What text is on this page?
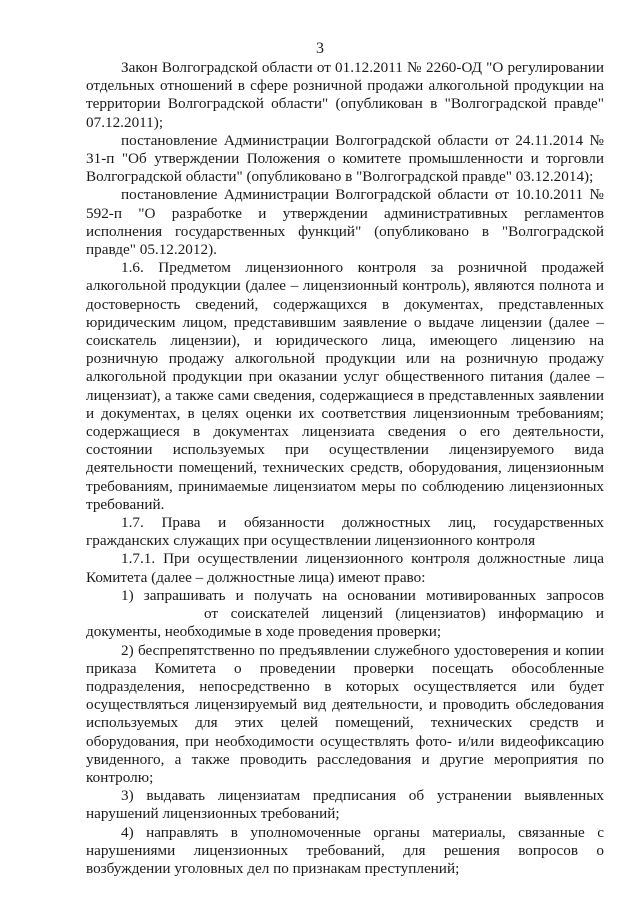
3

Закон Волгоградской области от 01.12.2011 № 2260-ОД "О регулировании отдельных отношений в сфере розничной продажи алкогольной продукции на территории Волгоградской области" (опубликован в "Волгоградской правде" 07.12.2011);

постановление Администрации Волгоградской области от 24.11.2014 № 31-п "Об утверждении Положения о комитете промышленности и торговли Волгоградской области" (опубликовано в "Волгоградской правде" 03.12.2014);

постановление Администрации Волгоградской области от 10.10.2011 № 592-п "О разработке и утверждении административных регламентов исполнения государственных функций" (опубликовано в "Волгоградской правде" 05.12.2012).

1.6. Предметом лицензионного контроля за розничной продажей алкогольной продукции (далее – лицензионный контроль), являются полнота и достоверность сведений, содержащихся в документах, представленных юридическим лицом, представившим заявление о выдаче лицензии (далее – соискатель лицензии), и юридического лица, имеющего лицензию на розничную продажу алкогольной продукции или на розничную продажу алкогольной продукции при оказании услуг общественного питания (далее – лицензиат), а также сами сведения, содержащиеся в представленных заявлении и документах, в целях оценки их соответствия лицензионным требованиям; содержащиеся в документах лицензиата сведения о его деятельности, состоянии используемых при осуществлении лицензируемого вида деятельности помещений, технических средств, оборудования, лицензионным требованиям, принимаемые лицензиатом меры по соблюдению лицензионных требований.

1.7. Права и обязанности должностных лиц, государственных гражданских служащих при осуществлении лицензионного контроля

1.7.1. При осуществлении лицензионного контроля должностные лица Комитета (далее – должностные лица) имеют право:

1) запрашивать и получать на основании мотивированных запросовот соискателей лицензий (лицензиатов) информацию и документы, необходимые в ходе проведения проверки;

2) беспрепятственно по предъявлении служебного удостоверения и копии приказа Комитета о проведении проверки посещать обособленные подразделения, непосредственно в которых осуществляется или будет осуществляться лицензируемый вид деятельности, и проводить обследования используемых для этих целей помещений, технических средств и оборудования, при необходимости осуществлять фото- и/или видеофиксацию увиденного, а также проводить расследования и другие мероприятия по контролю;

3) выдавать лицензиатам предписания об устранении выявленных нарушений лицензионных требований;

4) направлять в уполномоченные органы материалы, связанные с нарушениями лицензионных требований, для решения вопросов о возбуждении уголовных дел по признакам преступлений;
